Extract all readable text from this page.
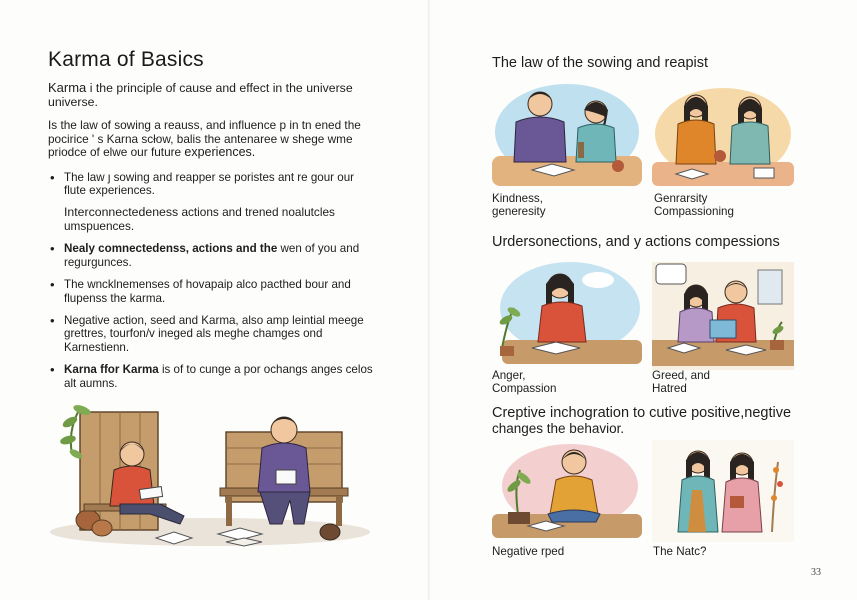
Karma of Basics

Karma i the principle of cause and effect in the universe universe.

Is the law of sowing a reauss, and influence p in tn ened the pocirice ' s Karna scłow, balis the antenaree w shege wme priodce of elwe our future experiences.

• The law ȷ sowing and reapper se poristes ant re gour our flute experiences.

Interconnectedeness actions and trened noalutcles umspuences.

• Nealy comnectedenss, actions and the wen of you and regurgunces.
• The wncklnemenses of hovapaip alco pacthed bour and flupenss the karma.
• Negative action, seed and Karma, also amp leintial meege grettres, tourfon/v ineged als meghe chamges ond Karnestienn.
• Karna ffor Karma is of to cunge a por ochangs anges celos alt aumns.
The law of the sowing and reapist
Kindness, generesity
Genrarsity Compassioning
Urdersonections, and y actions compessions
Anger, Compassion
Greed, and Hatred
Creptive inchogration to cutive positive,negtive
changes the behavior.
Negative rped	The Natc?
33
